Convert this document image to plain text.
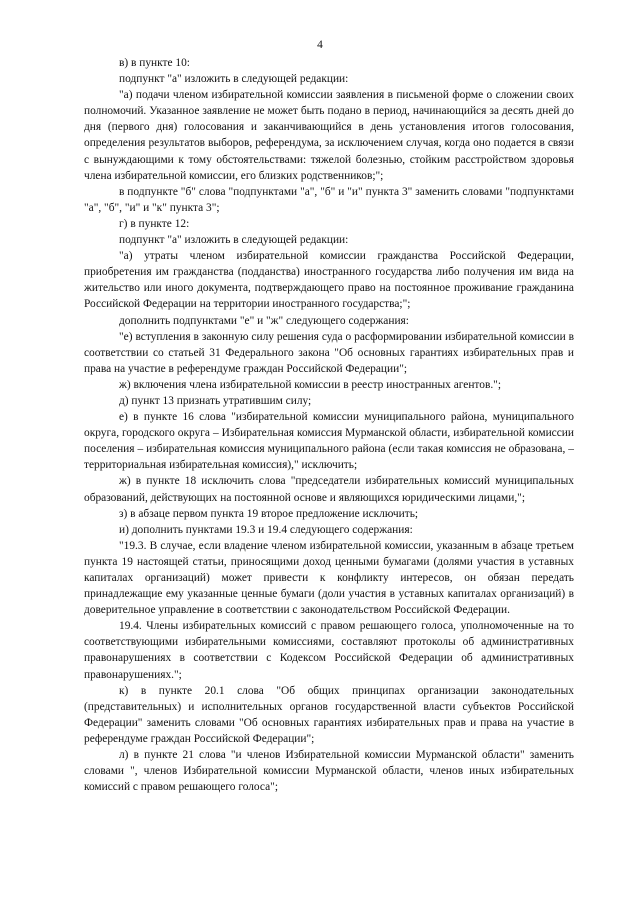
4

в) в пункте 10:

подпункт "а" изложить в следующей редакции:

"а) подачи членом избирательной комиссии заявления в письменой форме о сложении своих полномочий. Указанное заявление не может быть подано в период, начинающийся за десять дней до дня (первого дня) голосования и заканчивающийся в день установления итогов голосования, определения результатов выборов, референдума, за исключением случая, когда оно подается в связи с вынуждающими к тому обстоятельствами: тяжелой болезнью, стойким расстройством здоровья члена избирательной комиссии, его близких родственников;";

в подпункте "б" слова "подпунктами "а", "б" и "и" пункта 3" заменить словами "подпунктами "а", "б", "и" и "к" пункта 3";

г) в пункте 12:

подпункт "а" изложить в следующей редакции:

"а) утраты членом избирательной комиссии гражданства Российской Федерации, приобретения им гражданства (подданства) иностранного государства либо получения им вида на жительство или иного документа, подтверждающего право на постоянное проживание гражданина Российской Федерации на территории иностранного государства;";

дополнить подпунктами "е" и "ж" следующего содержания:

"е) вступления в законную силу решения суда о расформировании избирательной комиссии в соответствии со статьей 31 Федерального закона "Об основных гарантиях избирательных прав и права на участие в референдуме граждан Российской Федерации";

ж) включения члена избирательной комиссии в реестр иностранных агентов.";

д) пункт 13 признать утратившим силу;

е) в пункте 16 слова "избирательной комиссии муниципального района, муниципального округа, городского округа – Избирательная комиссия Мурманской области, избирательной комиссии поселения – избирательная комиссия муниципального района (если такая комиссия не образована, – территориальная избирательная комиссия)," исключить;

ж) в пункте 18 исключить слова "председатели избирательных комиссий муниципальных образований, действующих на постоянной основе и являющихся юридическими лицами,";

з) в абзаце первом пункта 19 второе предложение исключить;

и) дополнить пунктами 19.3 и 19.4 следующего содержания:

"19.3. В случае, если владение членом избирательной комиссии, указанным в абзаце третьем пункта 19 настоящей статьи, приносящими доход ценными бумагами (долями участия в уставных капиталах организаций) может привести к конфликту интересов, он обязан передать принадлежащие ему указанные ценные бумаги (доли участия в уставных капиталах организаций) в доверительное управление в соответствии с законодательством Российской Федерации.

19.4. Члены избирательных комиссий с правом решающего голоса, уполномоченные на то соответствующими избирательными комиссиями, составляют протоколы об административных правонарушениях в соответствии с Кодексом Российской Федерации об административных правонарушениях.";

к) в пункте 20.1 слова "Об общих принципах организации законодательных (представительных) и исполнительных органов государственной власти субъектов Российской Федерации" заменить словами "Об основных гарантиях избирательных прав и права на участие в референдуме граждан Российской Федерации";

л) в пункте 21 слова "и членов Избирательной комиссии Мурманской области" заменить словами ", членов Избирательной комиссии Мурманской области, членов иных избирательных комиссий с правом решающего голоса";
